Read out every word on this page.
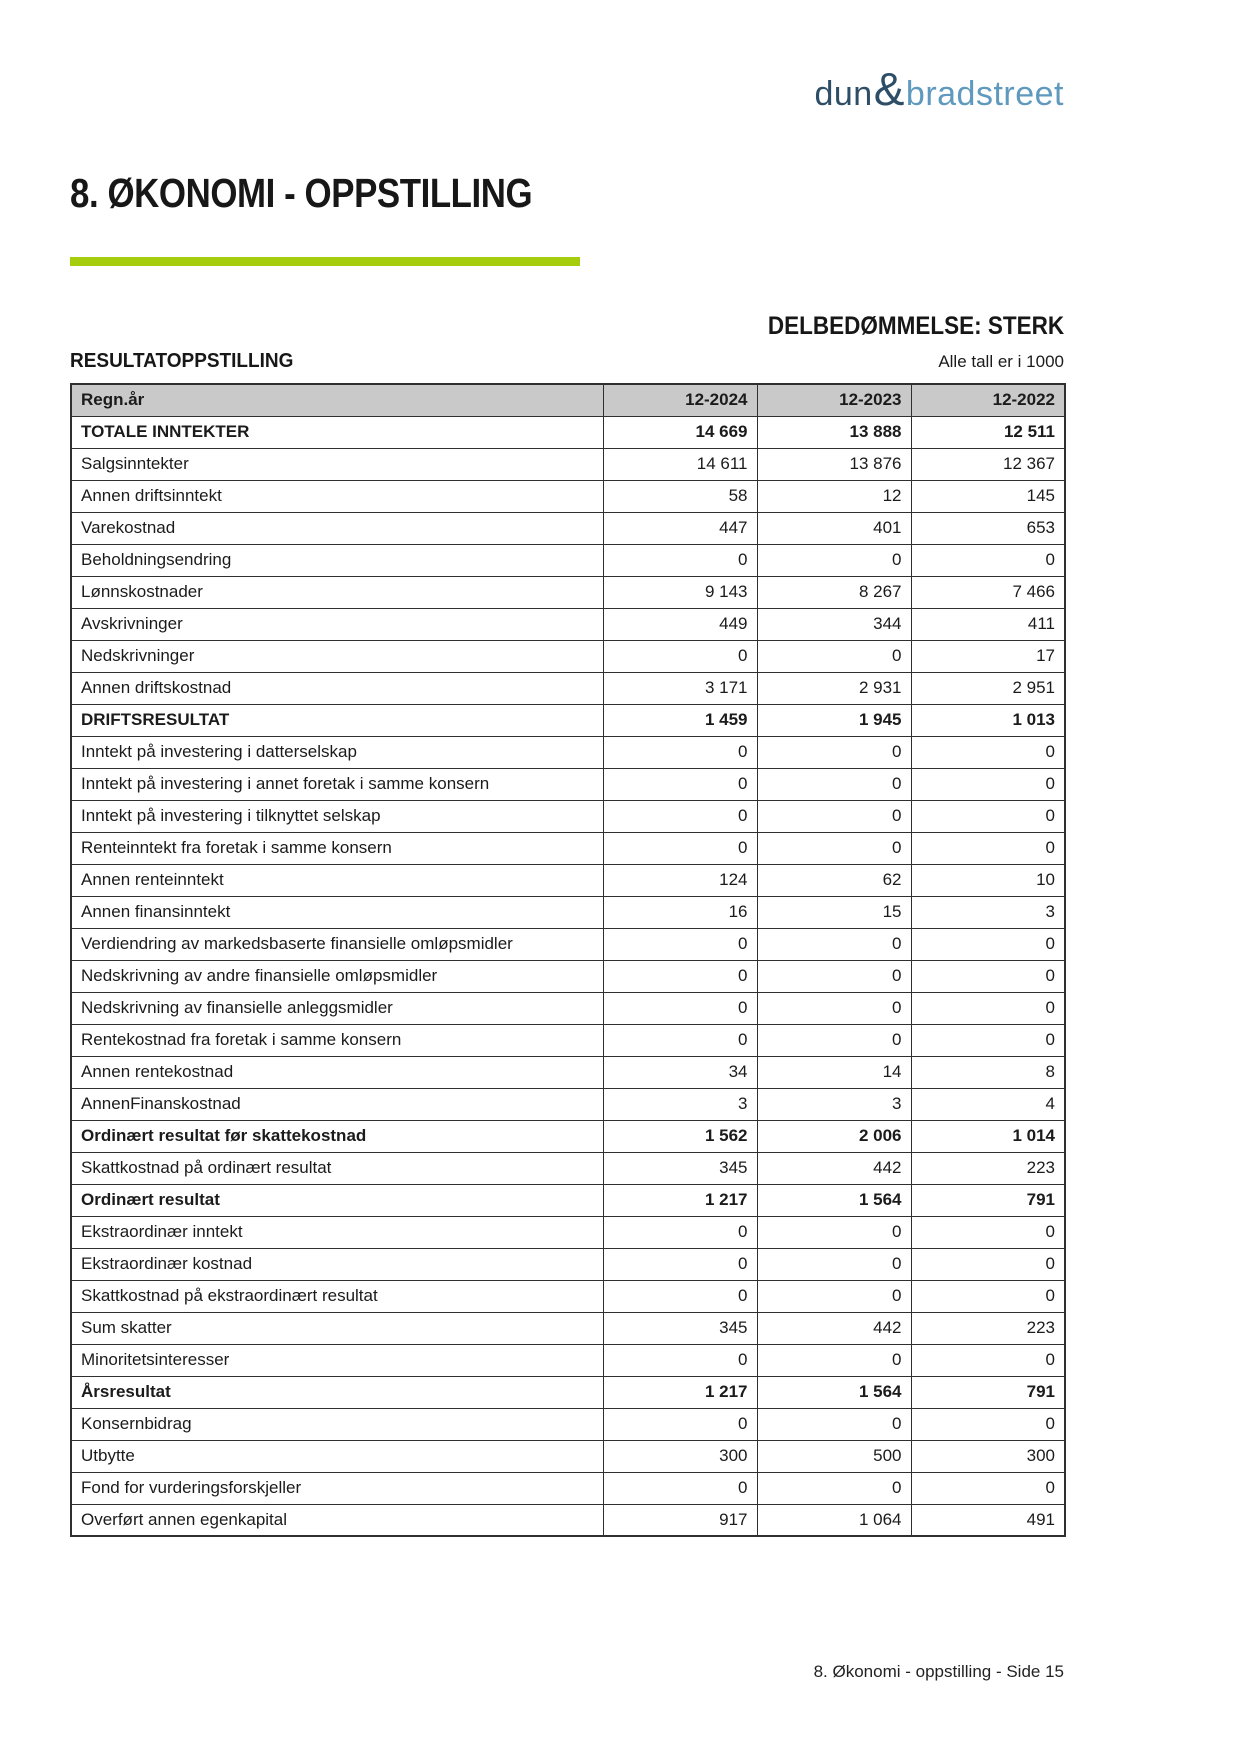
dun & bradstreet
8. ØKONOMI - OPPSTILLING
DELBEDØMMELSE: STERK
RESULTATOPPSTILLING	Alle tall er i 1000
Regn.år	12-2024	12-2023	12-2022
TOTALE INNTEKTER	14 669	13 888	12 511
Salgsinntekter	14 611	13 876	12 367
Annen driftsinntekt	58	12	145
Varekostnad	447	401	653
Beholdningsendring	0	0	0
Lønnskostnader	9 143	8 267	7 466
Avskrivninger	449	344	411
Nedskrivninger	0	0	17
Annen driftskostnad	3 171	2 931	2 951
DRIFTSRESULTAT	1 459	1 945	1 013
Inntekt på investering i datterselskap	0	0	0
Inntekt på investering i annet foretak i samme konsern	0	0	0
Inntekt på investering i tilknyttet selskap	0	0	0
Renteinntekt fra foretak i samme konsern	0	0	0
Annen renteinntekt	124	62	10
Annen finansinntekt	16	15	3
Verdiendring av markedsbaserte finansielle omløpsmidler	0	0	0
Nedskrivning av andre finansielle omløpsmidler	0	0	0
Nedskrivning av finansielle anleggsmidler	0	0	0
Rentekostnad fra foretak i samme konsern	0	0	0
Annen rentekostnad	34	14	8
AnnenFinanskostnad	3	3	4
Ordinært resultat før skattekostnad	1 562	2 006	1 014
Skattkostnad på ordinært resultat	345	442	223
Ordinært resultat	1 217	1 564	791
Ekstraordinær inntekt	0	0	0
Ekstraordinær kostnad	0	0	0
Skattkostnad på ekstraordinært resultat	0	0	0
Sum skatter	345	442	223
Minoritetsinteresser	0	0	0
Årsresultat	1 217	1 564	791
Konsernbidrag	0	0	0
Utbytte	300	500	300
Fond for vurderingsforskjeller	0	0	0
Overført annen egenkapital	917	1 064	491
8. Økonomi - oppstilling - Side 15
